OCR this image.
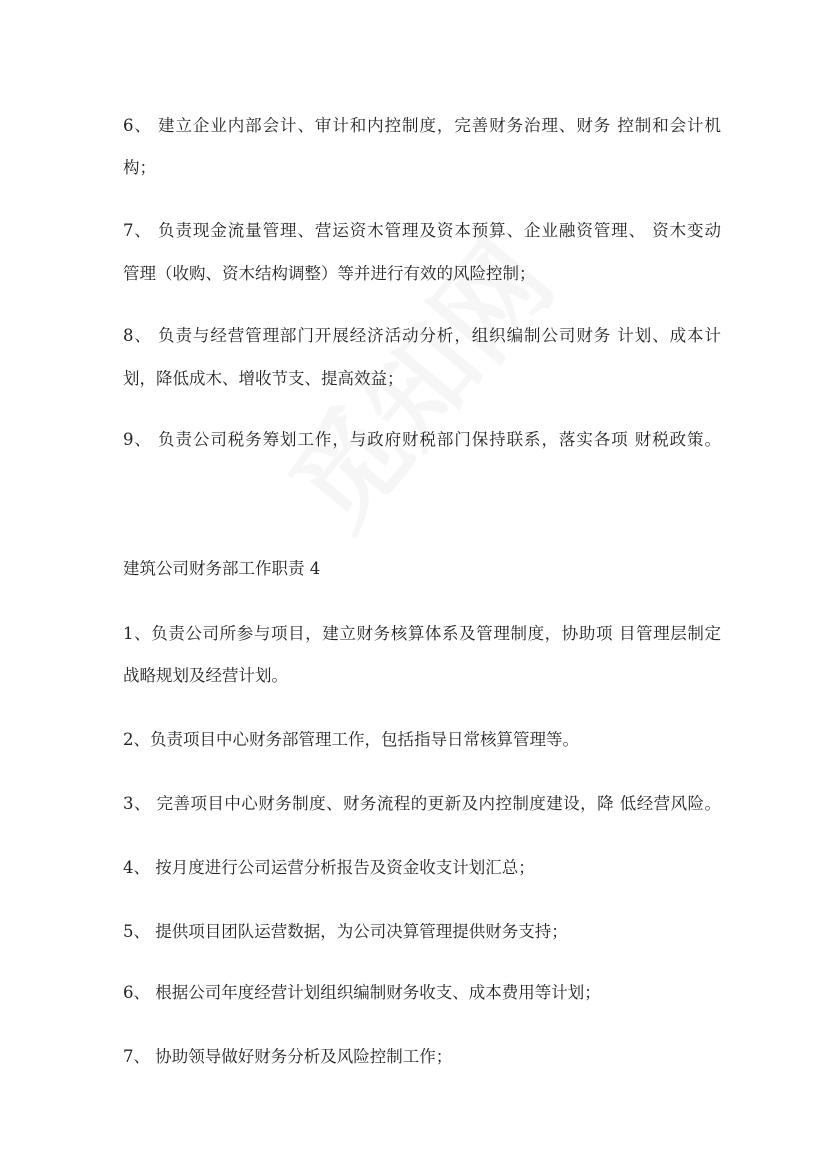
6、 建立企业内部会计、审计和内控制度，完善财务治理、财务 控制和会计机
构；
7、 负责现金流量管理、营运资木管理及资本预算、企业融资管理、 资木变动
管理（收购、资木结构调整）等并进行有效的风险控制；
8、 负责与经营管理部门开展经济活动分析，组织编制公司财务 计划、成本计
划，降低成木、增收节支、提高效益；
9、 负责公司税务筹划工作，与政府财税部门保持联系，落实各项 财税政策。
建筑公司财务部工作职责 4
1、负责公司所参与项目，建立财务核算体系及管理制度，协助项 目管理层制定
战略规划及经营计划。
2、负责项目中心财务部管理工作，包括指导日常核算管理等。
3、 完善项目中心财务制度、财务流程的更新及内控制度建设，降 低经营风险。
4、 按月度进行公司运营分析报告及资金收支计划汇总；
5、 提供项目团队运营数据，为公司决算管理提供财务支持；
6、 根据公司年度经营计划组织编制财务收支、成本费用等计划；
7、 协助领导做好财务分析及风险控制工作；
